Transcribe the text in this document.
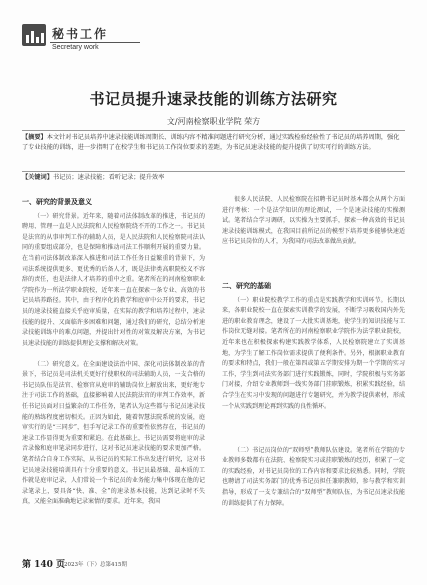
秘书工作
Secretary work
书记员提升速录技能的训练方法研究
文/河南检察职业学院 荣方
【摘要】本文针对书记员培养中速录技能训练周期长、训练内容不精准问题进行研究分析，通过实践检验经验性了书记员的培养周期，强化了专业技能的训练，进一步指明了在校学生和书记员工作岗位要求的差距，为书记员速录技能的提升提供了切实可行的训练方法。
【关键词】书记员；速录技能；看听记录；提升效率
一、研究的背景及意义

（一）研究背景。近年来，随着司法体制改革的推进，书记员的聘用、管理一直是人民法院和人民检察院绕不开的工作之一。书记员是法官的从事审判工作的辅助人员，是人民法院和人民检察院司法认同的重要组成部分，也是保障和推动司法工作顺利开展的重要力量。在当前司法体制改革深入推进和司法工作任务日益繁重的背景下，为司法系统提供更多、更优秀的后备人才，既是法律类高职院校义不容辞的责任，也是法律人才培养的重中之重。笔者所在的河南检察职业学院作为一所法学职业院校，近年来一直在探索一条专业、高效的书记员培养路径。其中，由于程序化的教学和庭审中公开的要求，书记员的速录技能直接关乎庭审质量，在实际的教学和培养过程中，速录技能的提升、又面临许多困难和问题，通过我们的研究，总结分析速录技能训练中的难点问题，并提出针对性的对策及解决方案，为书记员速录技能的训练提供理论支撑和解决对策。

（二）研究意义。在全面建设法治中国、深化司法体制改革的背景下，书记员是司法机关更好行使职权的司法辅助人员，一支合格的书记员队伍是法官、检察官从庭审的辅助岗位上解放出来，更好地专注于司法工作的基础，直接影响着人民法院法官的审判工作效率，新任书记员面对日益繁杂的工作任务，笔者认为这些都与书记员速录技能的熟练程度密切相关。正因为如此，随着智慧法院系统的发展，庭审实行的是“三同步”，但手写记录工作的重要性依然存在，书记员的速录工作显得更为重要和紧迫。在此基础上，书记员需要将庭审的录音录像和庭审笔录同步进行，这对书记员速录技能的要求更加严格。笔者结合自身工作实际，从书记员的实际工作出发进行研究，这对书记员速录技能培训具有十分重要的意义。书记员最基础、最本质的工作就是庭审记录，人们常说一个书记员的业务能力集中体现在他的记录笔录上，要具备“快、准、全”的速录基本技能，达到记录时不失真，又能全面准确地记录案情的要求。近年来，我国

很多人民法院、人民检察院在招聘书记员时基本都会从两个方面进行考核：一个是法学知识的理论测试，一个是速录技能的实操测试。笔者结合学习调研，以实操为主要抓手，探索一种高效的书记员速录技能训练模式，在我国目前所记员的模型下培养更多能够快速适应书记员岗位的人才，为我国的司法改革做出贡献。

二、研究的基础

（一）职业院校教学工作的重点是实践教学和实训环节。长期以来，各职业院校一直在探索实训教学的发展，不断学习吸收国内外先进的职业教育理念，建设了一大批实训基地，使学生的知识技能与工作岗位无缝对接。笔者所在的河南检察职业学院作为法学职业院校，近年来也在积极探索构建实践教学体系，人民检察院建立了实训基地，为学生了解工作岗位需求提供了便利条件。另外，根据职业教育的要求和特点，我们一般在第四或第五学期安排为期一个学期的实习工作，学生到司法实务部门进行实践锻炼，同时，学院积极与实务部门对接，介绍专业教师到一线实务部门挂职锻炼，积累实践经验，结合学生在实习中发现的问题进行专题研究，并为教学提供素材，形成一个从实践到理论再到实践的良性循环。

（二）书记员岗位的“双师型”教师队伍建设。笔者所在学院的专业教师多数都有在法院、检察院实习或挂职锻炼的经历，积累了一定的实践经验，对书记员岗位的工作内容和要求比较熟悉。同时，学院也聘请了司法实务部门的优秀书记员担任兼职教师，参与教学和实训指导，形成了一支专兼结合的“双师型”教师队伍，为书记员速录技能的训练提供了有力保障。

第 140 页
2023年（下）总第415期
